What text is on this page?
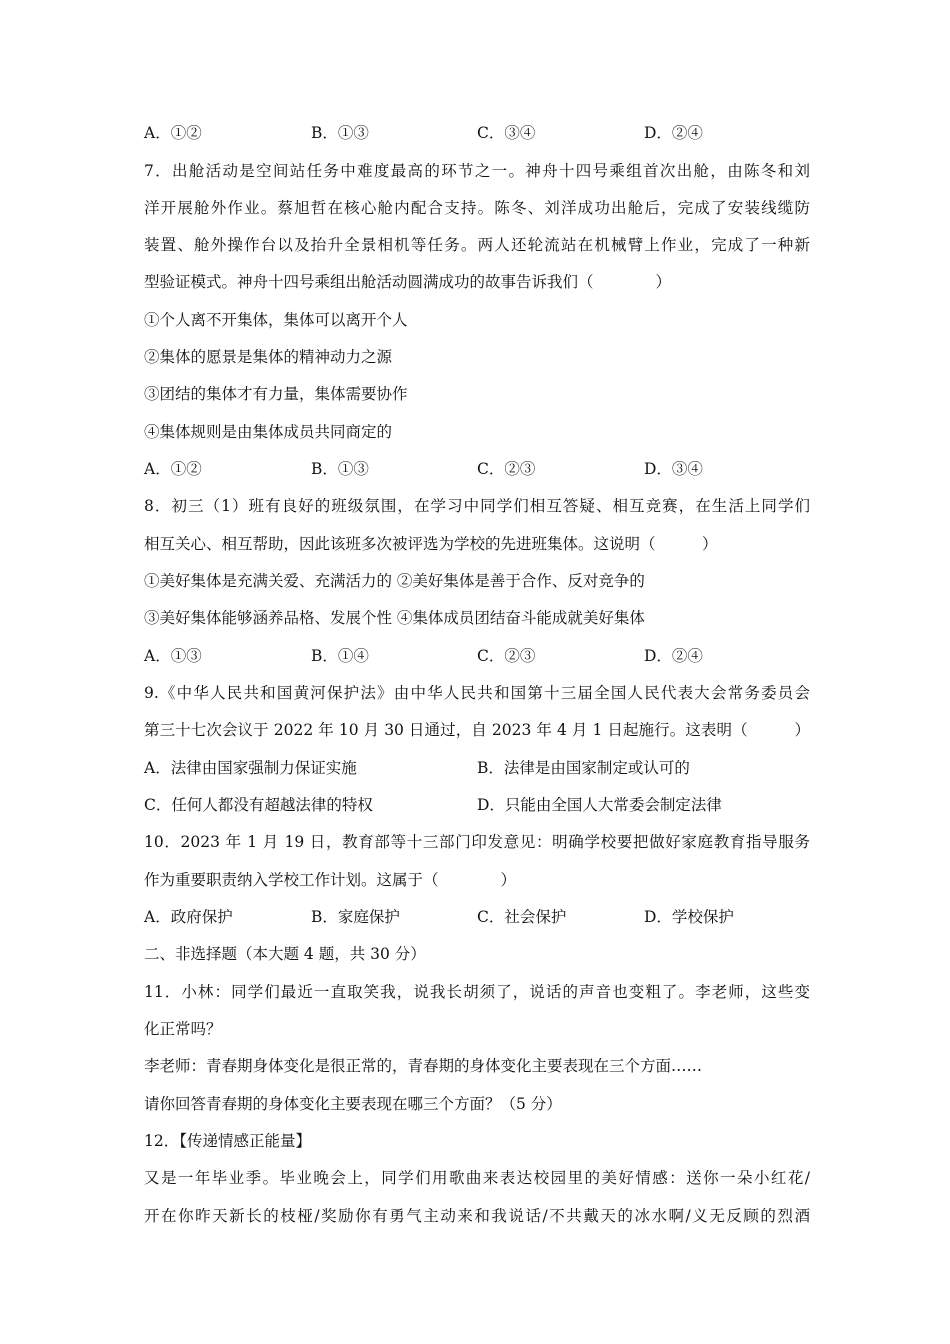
A．①②	B．①③	C．③④	D．②④
7．出舱活动是空间站任务中难度最高的环节之一。神舟十四号乘组首次出舱，由陈冬和刘
洋开展舱外作业。蔡旭哲在核心舱内配合支持。陈冬、刘洋成功出舱后，完成了安装线缆防
装置、舱外操作台以及抬升全景相机等任务。两人还轮流站在机械臂上作业，完成了一种新
型验证模式。神舟十四号乘组出舱活动圆满成功的故事告诉我们（　　　　）
①个人离不开集体，集体可以离开个人
②集体的愿景是集体的精神动力之源
③团结的集体才有力量，集体需要协作
④集体规则是由集体成员共同商定的
A．①②	B．①③	C．②③	D．③④
8．初三（1）班有良好的班级氛围，在学习中同学们相互答疑、相互竞赛，在生活上同学们
相互关心、相互帮助，因此该班多次被评选为学校的先进班集体。这说明（　　　）
①美好集体是充满关爱、充满活力的 ②美好集体是善于合作、反对竞争的
③美好集体能够涵养品格、发展个性 ④集体成员团结奋斗能成就美好集体
A．①③	B．①④	C．②③	D．②④
9.《中华人民共和国黄河保护法》由中华人民共和国第十三届全国人民代表大会常务委员会
第三十七次会议于 2022 年 10 月 30 日通过，自 2023 年 4 月 1 日起施行。这表明（　　　）
A．法律由国家强制力保证实施	B．法律是由国家制定或认可的
C．任何人都没有超越法律的特权	D．只能由全国人大常委会制定法律
10．2023 年 1 月 19 日，教育部等十三部门印发意见：明确学校要把做好家庭教育指导服务
作为重要职责纳入学校工作计划。这属于（　　　　）
A．政府保护	B．家庭保护	C．社会保护	D．学校保护
二、非选择题（本大题 4 题，共 30 分）
11．小林：同学们最近一直取笑我，说我长胡须了，说话的声音也变粗了。李老师，这些变
化正常吗？
李老师：青春期身体变化是很正常的，青春期的身体变化主要表现在三个方面……
请你回答青春期的身体变化主要表现在哪三个方面？（5 分）
12．【传递情感正能量】
又是一年毕业季。毕业晚会上，同学们用歌曲来表达校园里的美好情感：送你一朵小红花/
开在你昨天新长的枝桠/奖励你有勇气主动来和我说话/不共戴天的冰水啊/义无反顾的烈酒
